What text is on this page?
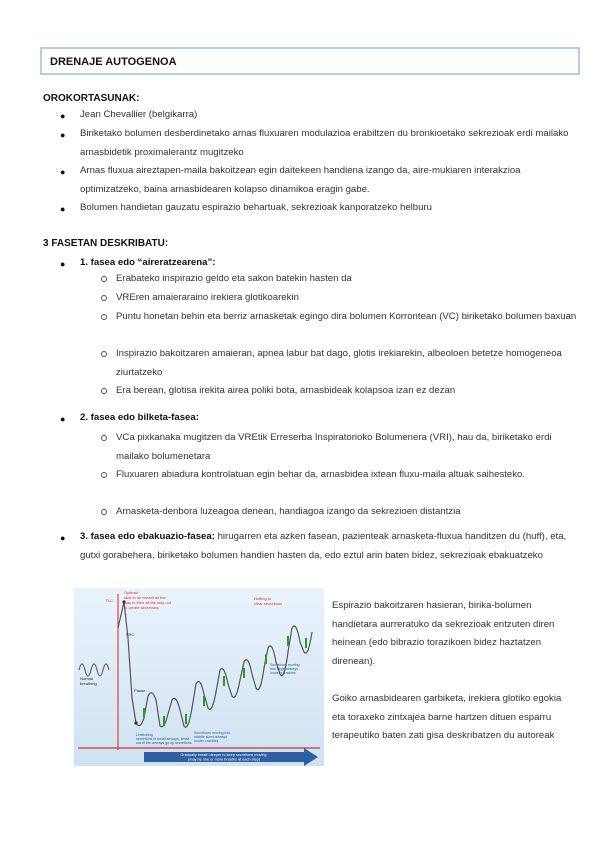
DRENAJE AUTOGENOA
OROKORTASUNAK:
● Jean Chevallier (belgikarra)
● Biriketako bolumen desberdinetako arnas fluxuaren modulazioa erabiltzen du bronkioetako sekrezioak erdi mailako arnasbidetik proximalerantz mugitzeko
● Arnas fluxua aireztapen-maila bakoitzean egin daitekeen handiena izango da, aire-mukiaren interakzioa optimizatzeko, baina arnasbidearen kolapso dinamikoa eragin gabe.
● Bolumen handietan gauzatu espirazio behartuak, sekrezioak kanporatzeko helburu
3 FASETAN DESKRIBATU:
● 1. fasea edo “aireratzearena”:
Erabateko inspirazio geldo eta sakon batekin hasten da
VREren amaieraraino irekiera glotikoarekin
Puntu honetan behin eta berriz arnasketak egingo dira bolumen Korrontean (VC) biriketako bolumen baxuan
Inspirazio bakoitzaren amaieran, apnea labur bat dago, glotis irekiarekin, albeoloen betetze homogeneoa ziurtatzeko
Era berean, glotisa irekita airea poliki bota, arnasbideak kolapsoa izan ez dezan
● 2. fasea edo bilketa-fasea:
VCa pixkanaka mugitzen da VREtik Erreserba Inspiratorioko Bolumenera (VRI), hau da, biriketako erdi mailako bolumenetara
Fluxuaren abiadura kontrolatuan egin behar da, arnasbidea ixtean fluxu-maila altuak saihesteko.
Arnasketa-denbora luzeagoa denean, handiagoa izango da sekrezioen distantzia
● 3. fasea edo ebakuazio-fasea: hirugarren eta azken fasean, pazienteak arnasketa-fluxua handitzen du (huff), eta, gutxi gorabehera, biriketako bolumen handien hasten da, edo eztul arin baten bidez, sekrezioak ebakuatzeko
TLC
FRC
Optimal take in air breath all the way in then all the way out to create secretions
Huffing to clear secretions
Normal breathing
Pause
Unsticking secretions in small airways, small out of the airways go up secretions
Secretions moving into middle sized airways louder crackles
Secretions moving into large airways loudest crackles
Gradually breath deeper to keep secretions moving (may be one or more breaths at each step)
Espirazio bakoitzaren hasieran, birika-bolumen handietara aurreratuko da sekrezioak entzuten diren heinean (edo bibrazio torazikoen bidez haztatzen direnean).
Goiko arnasbidearen garbiketa, irekiera glotiko egokia eta toraxeko zintxajea barne hartzen dituen esparru terapeutiko baten zati gisa deskribatzen du autoreak
